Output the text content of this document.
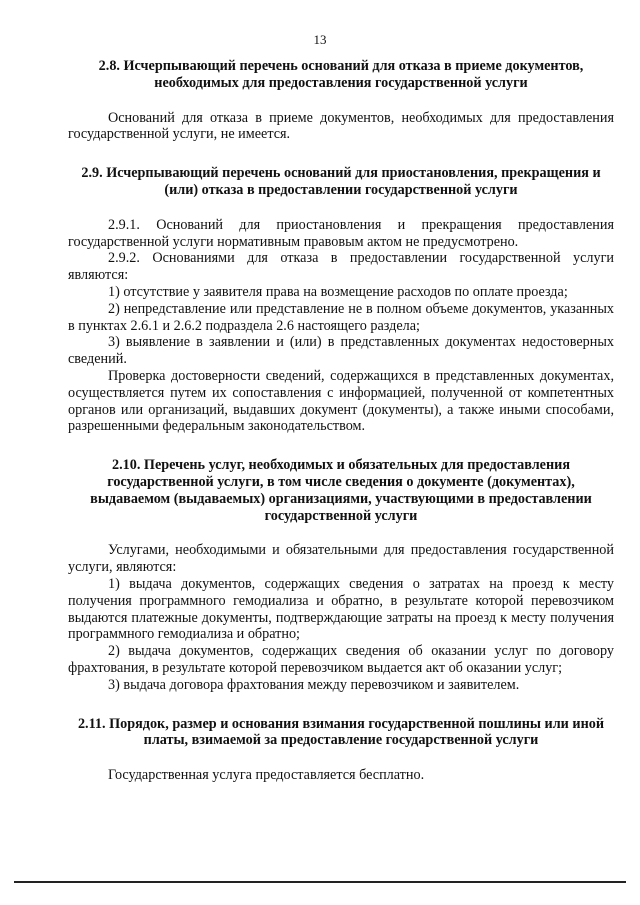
13

2.8. Исчерпывающий перечень оснований для отказа в приеме документов, необходимых для предоставления государственной услуги

Оснований для отказа в приеме документов, необходимых для предоставления государственной услуги, не имеется.

2.9. Исчерпывающий перечень оснований для приостановления, прекращения и (или) отказа в предоставлении государственной услуги

2.9.1. Оснований для приостановления и прекращения предоставления государственной услуги нормативным правовым актом не предусмотрено.

2.9.2. Основаниями для отказа в предоставлении государственной услуги являются:

1) отсутствие у заявителя права на возмещение расходов по оплате проезда;

2) непредставление или представление не в полном объеме документов, указанных в пунктах 2.6.1 и 2.6.2 подраздела 2.6 настоящего раздела;

3) выявление в заявлении и (или) в представленных документах недостоверных сведений.

Проверка достоверности сведений, содержащихся в представленных документах, осуществляется путем их сопоставления с информацией, полученной от компетентных органов или организаций, выдавших документ (документы), а также иными способами, разрешенными федеральным законодательством.

2.10. Перечень услуг, необходимых и обязательных для предоставления государственной услуги, в том числе сведения о документе (документах), выдаваемом (выдаваемых) организациями, участвующими в предоставлении государственной услуги

Услугами, необходимыми и обязательными для предоставления государственной услуги, являются:

1) выдача документов, содержащих сведения о затратах на проезд к месту получения программного гемодиализа и обратно, в результате которой перевозчиком выдаются платежные документы, подтверждающие затраты на проезд к месту получения программного гемодиализа и обратно;

2) выдача документов, содержащих сведения об оказании услуг по договору фрахтования, в результате которой перевозчиком выдается акт об оказании услуг;

3) выдача договора фрахтования между перевозчиком и заявителем.

2.11. Порядок, размер и основания взимания государственной пошлины или иной платы, взимаемой за предоставление государственной услуги

Государственная услуга предоставляется бесплатно.
